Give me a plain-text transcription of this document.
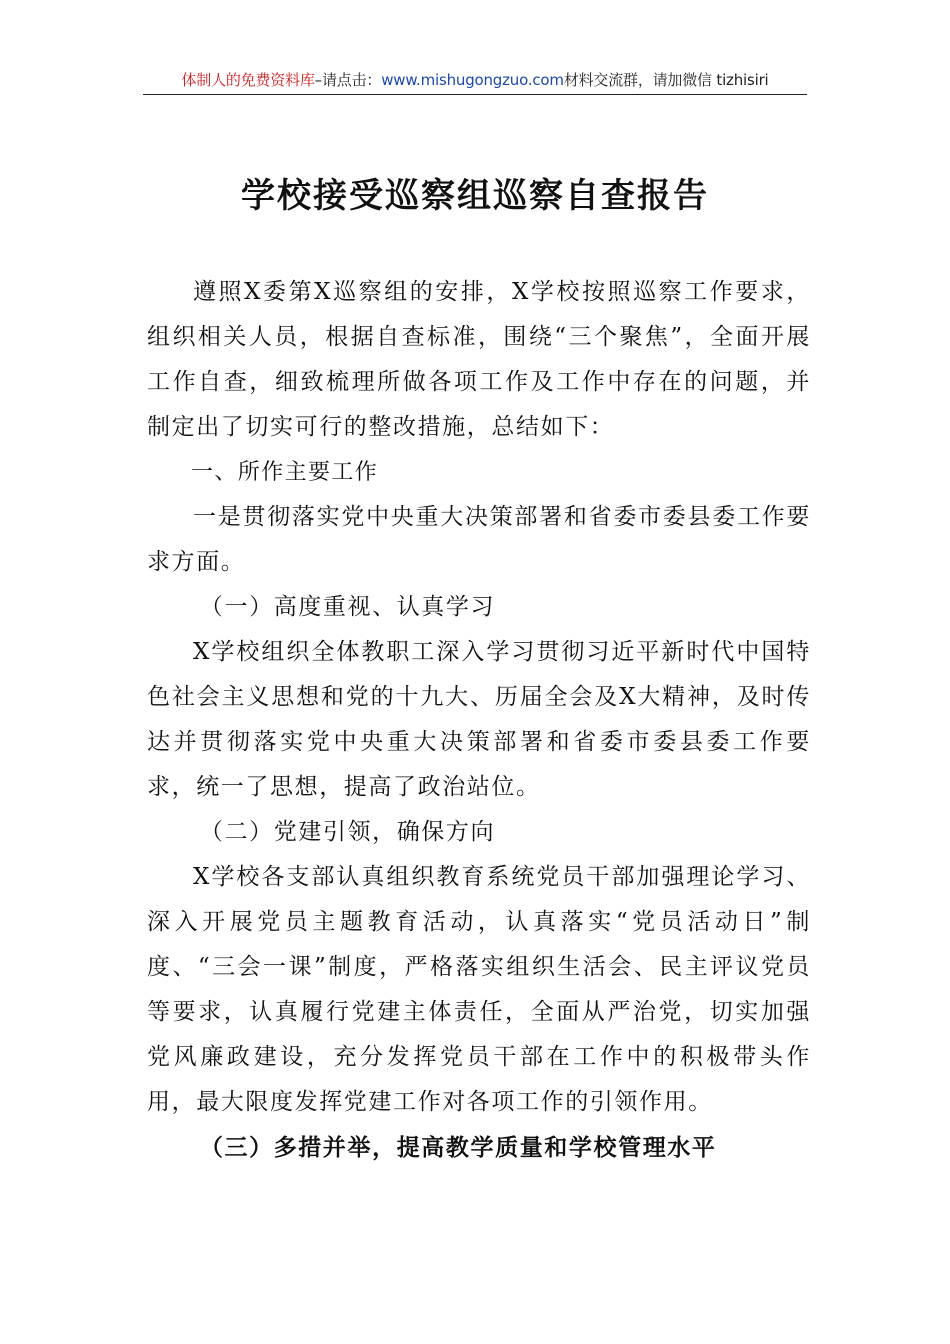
体制人的免费资料库–请点击：www.mishugongzuo.com材料交流群，请加微信 tizhisiri
学校接受巡察组巡察自查报告

遵照X委第X巡察组的安排，X学校按照巡察工作要求，组织相关人员，根据自查标准，围绕“三个聚焦”，全面开展工作自查，细致梳理所做各项工作及工作中存在的问题，并制定出了切实可行的整改措施，总结如下：

一、所作主要工作

一是贯彻落实党中央重大决策部署和省委市委县委工作要求方面。

（一）高度重视、认真学习

X学校组织全体教职工深入学习贯彻习近平新时代中国特色社会主义思想和党的十九大、历届全会及X大精神，及时传达并贯彻落实党中央重大决策部署和省委市委县委工作要求，统一了思想，提高了政治站位。

（二）党建引领，确保方向

X学校各支部认真组织教育系统党员干部加强理论学习、深入开展党员主题教育活动，认真落实“党员活动日”制度、“三会一课”制度，严格落实组织生活会、民主评议党员等要求，认真履行党建主体责任，全面从严治党，切实加强党风廉政建设，充分发挥党员干部在工作中的积极带头作用，最大限度发挥党建工作对各项工作的引领作用。

（三）多措并举，提高教学质量和学校管理水平
